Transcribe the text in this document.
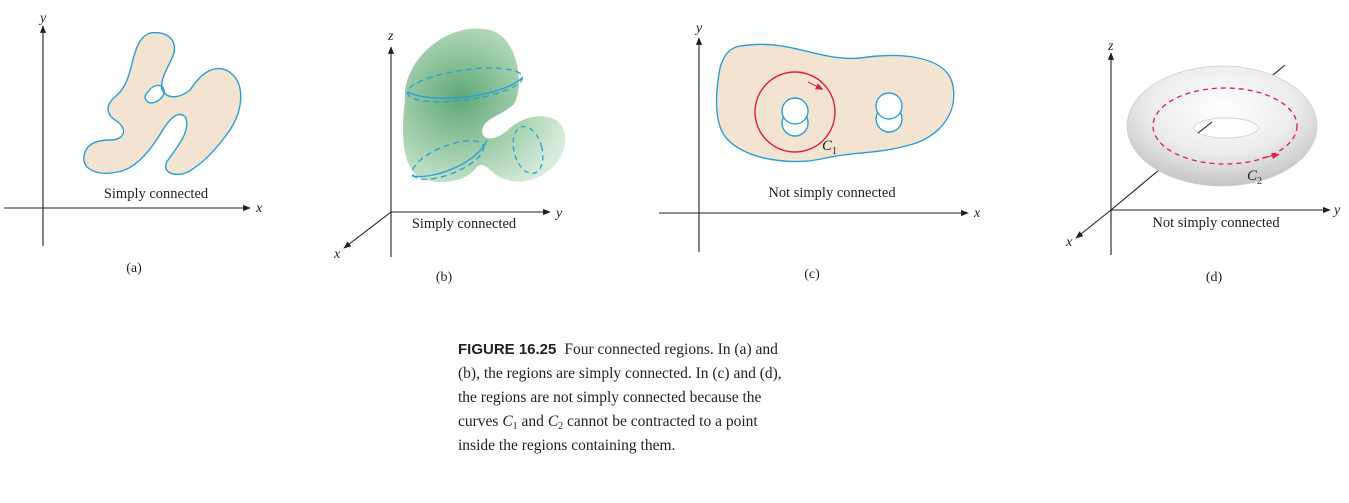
y
x
Simply connected
(a)
z
y
x
Simply connected
(b)
y
x
$C_1$
Not simply connected
(c)
z
y
x
$C_2$
Not simply connected
(d)
FIGURE 16.25 Four connected regions. In (a) and (b), the regions are simply connected. In (c) and (d), the regions are not simply connected because the curves $C_1$ and $C_2$ cannot be contracted to a point inside the regions containing them.
